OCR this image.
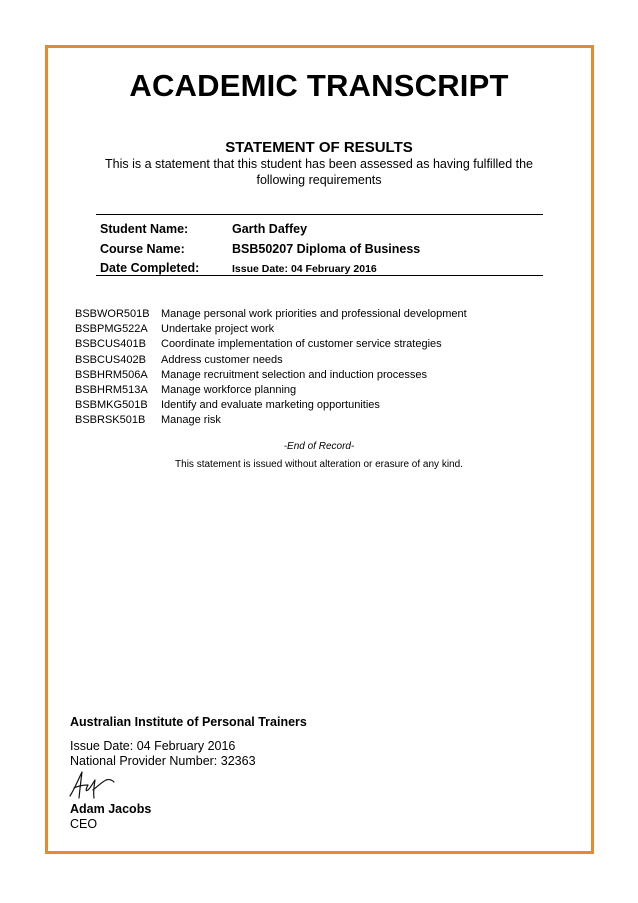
ACADEMIC TRANSCRIPT
STATEMENT OF RESULTS
This is a statement that this student has been assessed as having fulfilled the following requirements
Student Name:	Garth Daffey
Course Name:	BSB50207 Diploma of Business
Date Completed:	Issue Date: 04 February 2016
BSBWOR501B Manage personal work priorities and professional development
BSBPMG522A Undertake project work
BSBCUS401B Coordinate implementation of customer service strategies
BSBCUS402B Address customer needs
BSBHRM506A Manage recruitment selection and induction processes
BSBHRM513A Manage workforce planning
BSBMKG501B Identify and evaluate marketing opportunities
BSBRSK501B Manage risk
-End of Record-
This statement is issued without alteration or erasure of any kind.
Australian Institute of Personal Trainers
Issue Date: 04 February 2016
National Provider Number: 32363
Adam Jacobs
CEO
